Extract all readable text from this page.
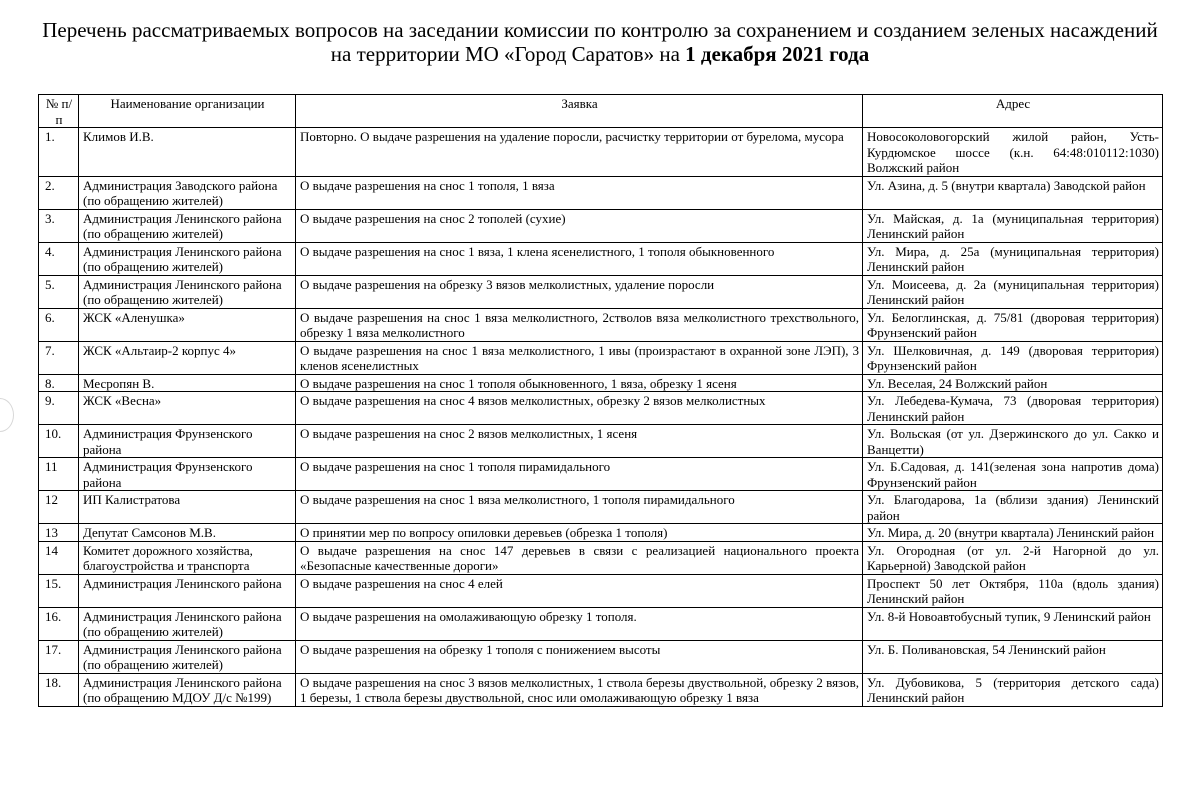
Перечень рассматриваемых вопросов на заседании комиссии по контролю за сохранением и созданием зеленых насаждений
на территории МО «Город Саратов» на 1 декабря 2021 года
№ п/п	Наименование организации	Заявка	Адрес
1.	Климов И.В.	Повторно. О выдаче разрешения на удаление поросли, расчистку территории от бурелома, мусора	Новосоколовогорский жилой район, Усть-Курдюмское шоссе (к.н. 64:48:010112:1030) Волжский район
2.	Администрация Заводского района (по обращению жителей)	О выдаче разрешения на снос 1 тополя, 1 вяза	Ул. Азина, д. 5 (внутри квартала) Заводской район
3.	Администрация Ленинского района (по обращению жителей)	О выдаче разрешения на снос 2 тополей (сухие)	Ул. Майская, д. 1а (муниципальная территория) Ленинский район
4.	Администрация Ленинского района (по обращению жителей)	О выдаче разрешения на снос 1 вяза, 1 клена ясенелистного, 1 тополя обыкновенного	Ул. Мира, д. 25а (муниципальная территория) Ленинский район
5.	Администрация Ленинского района (по обращению жителей)	О выдаче разрешения на обрезку 3 вязов мелколистных, удаление поросли	Ул. Моисеева, д. 2а (муниципальная территория) Ленинский район
6.	ЖСК «Аленушка»	О выдаче разрешения на снос 1 вяза мелколистного, 2стволов вяза мелколистного трехствольного, обрезку 1 вяза мелколистного	Ул. Белоглинская, д. 75/81 (дворовая территория) Фрунзенский район
7.	ЖСК «Альтаир-2 корпус 4»	О выдаче разрешения на снос 1 вяза мелколистного, 1 ивы (произрастают в охранной зоне ЛЭП), 3 кленов ясенелистных	Ул. Шелковичная, д. 149 (дворовая территория) Фрунзенский район
8.	Месропян В.	О выдаче разрешения на снос 1 тополя обыкновенного, 1 вяза, обрезку 1 ясеня	Ул. Веселая, 24 Волжский район
9.	ЖСК «Весна»	О выдаче разрешения на снос 4 вязов мелколистных, обрезку 2 вязов мелколистных	Ул. Лебедева-Кумача, 73 (дворовая территория) Ленинский район
10.	Администрация Фрунзенского района	О выдаче разрешения на снос 2 вязов мелколистных, 1 ясеня	Ул. Вольская (от ул. Дзержинского до ул. Сакко и Ванцетти)
11	Администрация Фрунзенского района	О выдаче разрешения на снос 1 тополя пирамидального	Ул. Б.Садовая, д. 141(зеленая зона напротив дома) Фрунзенский район
12	ИП Калистратова	О выдаче разрешения на снос 1 вяза мелколистного, 1 тополя пирамидального	Ул. Благодарова, 1а (вблизи здания) Ленинский район
13	Депутат Самсонов М.В.	О принятии мер по вопросу опиловки деревьев (обрезка 1 тополя)	Ул. Мира, д. 20 (внутри квартала) Ленинский район
14	Комитет дорожного хозяйства, благоустройства и транспорта	О выдаче разрешения на снос 147 деревьев в связи с реализацией национального проекта «Безопасные качественные дороги»	Ул. Огородная (от ул. 2-й Нагорной до ул. Карьерной) Заводской район
15.	Администрация Ленинского района	О выдаче разрешения на снос 4 елей	Проспект 50 лет Октября, 110а (вдоль здания) Ленинский район
16.	Администрация Ленинского района (по обращению жителей)	О выдаче разрешения на омолаживающую обрезку 1 тополя.	Ул. 8-й Новоавтобусный тупик, 9 Ленинский район
17.	Администрация Ленинского района (по обращению жителей)	О выдаче разрешения на обрезку 1 тополя с понижением высоты	Ул. Б. Поливановская, 54 Ленинский район
18.	Администрация Ленинского района (по обращению МДОУ Д/с №199)	О выдаче разрешения на снос 3 вязов мелколистных, 1 ствола березы двуствольной, обрезку 2 вязов, 1 березы, 1 ствола березы двуствольной, снос или омолаживающую обрезку 1 вяза	Ул. Дубовикова, 5 (территория детского сада) Ленинский район
